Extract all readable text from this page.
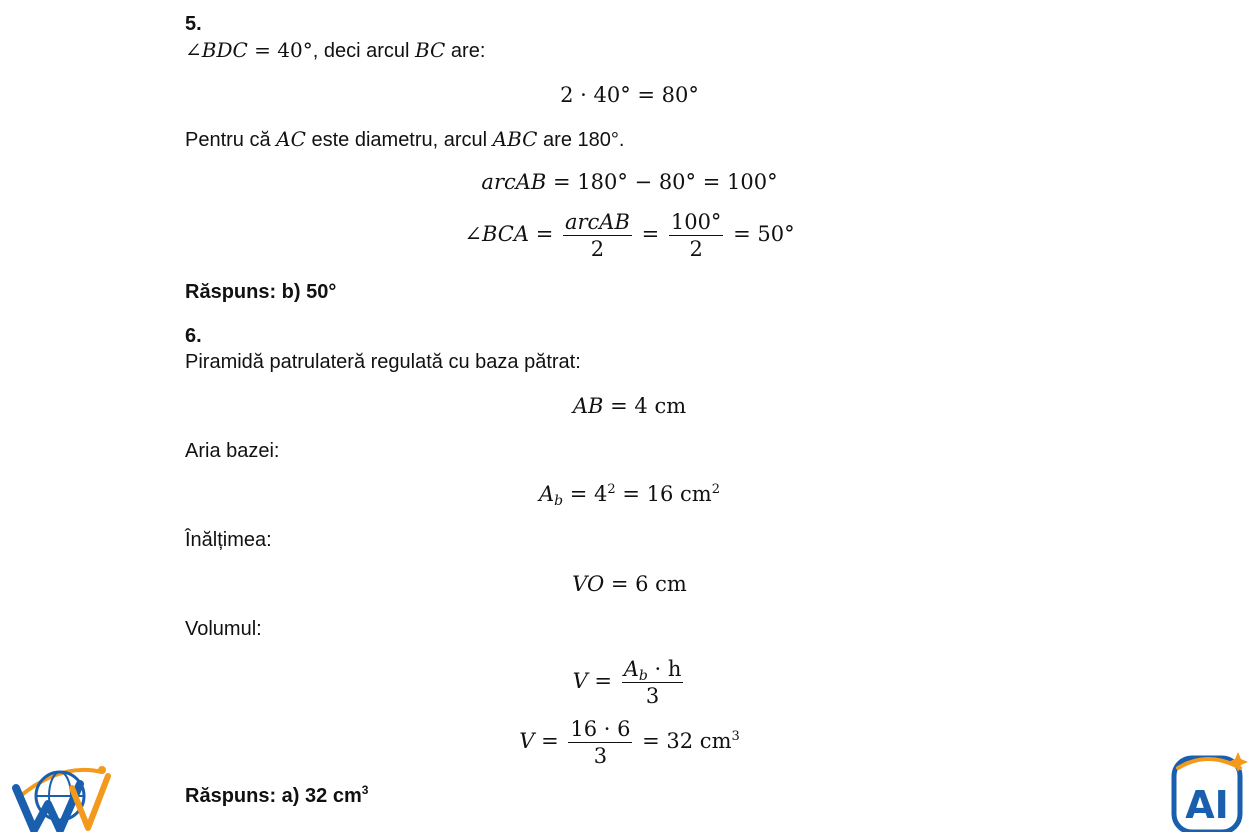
5.
∠BDC = 40°, deci arcul BC are:
2 · 40° = 80°
Pentru că AC este diametru, arcul ABC are 180°.
arcAB = 180° − 80° = 100°
∠BCA = $\frac{\text{arcAB}}{2} = \frac{100^\circ}{2} = 50^\circ$
Răspuns: b) 50°
6.
Piramidă patrulateră regulată cu baza pătrat:
AB = 4 cm
Aria bazei:
$A_b = 4^2 = 16$ $cm^2$
Înălțimea:
VO = 6 cm
Volumul:
$V = \frac{A_b \cdot h}{3}$
$V = \frac{16 \cdot 6}{3} = 32$ $cm^3$
Răspuns: a) 32 $cm^3$	AI
